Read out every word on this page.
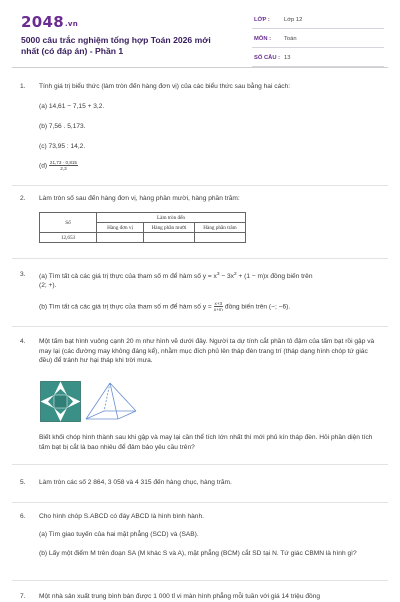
2048.vn
5000 câu trắc nghiệm tổng hợp Toán 2026 mới nhất (có đáp án) - Phần 1
LỚP : Lớp 12
MÔN : Toán
SỐ CÂU : 13
1. Tính giá trị biểu thức (làm tròn đến hàng đơn vị) của các biểu thức sau bằng hai cách:
(a) 14,61 − 7,15 + 3,2.
(b) 7,56 . 5,173.
(c) 73,95 : 14,2.
$(d) \frac{21,73 \cdot 0,815}{2,3}$
2. Làm tròn số sau đến hàng đơn vị, hàng phần mười, hàng phần trăm:
Số	Làm tròn đến		
	Hàng đơn vị	Hàng phần mười	Hàng phần trăm
12,653			
3. (a) Tìm tất cả các giá trị thực của tham số m để hàm số $y = x^3 - 3x^2 + (1 - m)x$ đồng biến trên
(2; +).
(b) Tìm tất cả các giá trị thực của tham số m để hàm số $y = \frac{x+3}{x+m}$ đồng biến trên (−; −6).
4. Một tấm bạt hình vuông cạnh 20 m như hình vẽ dưới đây. Người ta dự tính cắt phần tô đậm của tấm bạt rồi gập và may lại (các đường may không đáng kể), nhằm mục đích phủ lên tháp đèn trang trí (tháp dạng hình chóp tứ giác đều) để tránh hư hại tháp khi trời mưa.
Biết khối chóp hình thành sau khi gập và may lại cần thể tích lớn nhất thì mới phủ kín tháp đèn. Hỏi phần diện tích tấm bạt bị cắt là bao nhiêu để đảm bảo yêu cầu trên?
5. Làm tròn các số 2 864, 3 058 và 4 315 đến hàng chục, hàng trăm.
6. Cho hình chóp S.ABCD có đáy ABCD là hình bình hành.
(a) Tìm giao tuyến của hai mặt phẳng (SCD) và (SAB).
(b) Lấy một điểm M trên đoạn SA (M khác S và A), mặt phẳng (BCM) cắt SD tại N. Tứ giác CBMN là hình gì?
7. Một nhà sản xuất trung bình bán được 1 000 tỉ vi màn hình phẳng mỗi tuần với giá 14 triệu đồng
